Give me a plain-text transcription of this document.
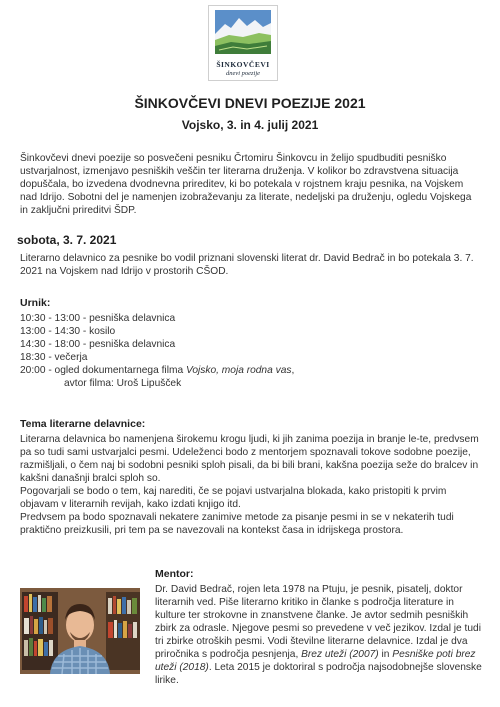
ŠINKOVČEVI
dnevi poezije
ŠINKOVČEVI DNEVI POEZIJE 2021

Vojsko, 3. in 4. julij 2021

Šinkovčevi dnevi poezije so posvečeni pesniku Črtomiru Šinkovcu in želijo spudbuditi pesniško ustvarjalnost, izmenjavo pesniških veščin ter literarna druženja. V kolikor bo zdravstvena situacija dopuščala, bo izvedena dvodnevna prireditev, ki bo potekala v rojstnem kraju pesnika, na Vojskem nad Idrijo. Sobotni del je namenjen izobraževanju za literate, nedeljski pa druženju, ogledu Vojskega in zaključni prireditvi ŠDP.

sobota, 3. 7. 2021

Literarno delavnico za pesnike bo vodil priznani slovenski literat dr. David Bedrač in bo potekala 3. 7. 2021 na Vojskem nad Idrijo v prostorih CŠOD.

Urnik:
10:30 - 13:00 - pesniška delavnica
13:00 - 14:30 - kosilo
14:30 - 18:00 - pesniška delavnica
18:30 - večerja
20:00 - ogled dokumentarnega filma Vojsko, moja rodna vas,
avtor filma: Uroš Lipušček
Tema literarne delavnice:

Literarna delavnica bo namenjena širokemu krogu ljudi, ki jih zanima poezija in branje le-te, predvsem pa so tudi sami ustvarjalci pesmi. Udeleženci bodo z mentorjem spoznavali tokove sodobne poezije, razmišljali, o čem naj bi sodobni pesniki sploh pisali, da bi bili brani, kakšna poezija seže do bralcev in kakšni današnji bralci sploh so.

Pogovarjali se bodo o tem, kaj narediti, če se pojavi ustvarjalna blokada, kako pristopiti k prvim objavam v literarnih revijah, kako izdati knjigo itd.

Predvsem pa bodo spoznavali nekatere zanimive metode za pisanje pesmi in se v nekaterih tudi praktično preizkusili, pri tem pa se navezovali na kontekst časa in idrijskega prostora.

Mentor:

Dr. David Bedrač, rojen leta 1978 na Ptuju, je pesnik, pisatelj, doktor literarnih ved. Piše literarno kritiko in članke s področja literature in kulture ter strokovne in znanstvene članke. Je avtor sedmih pesniških zbirk za odrasle. Njegove pesmi so prevedene v več jezikov. Izdal je tudi tri zbirke otroških pesmi. Vodi številne literarne delavnice. Izdal je dva priročnika s področja pesnjenja, Brez uteži (2007) in Pesniške poti brez uteži (2018). Leta 2015 je doktoriral s področja najsodobnejše slovenske lirike.
